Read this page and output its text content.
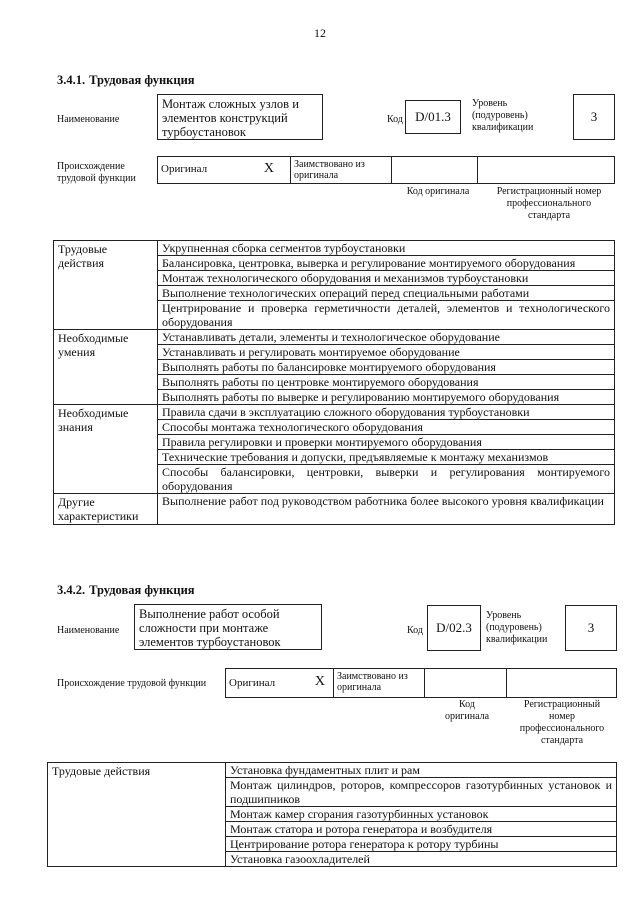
12
3.4.1. Трудовая функция
Наименование
Монтаж сложных узлов и элементов конструкций турбоустановок
Код D/01.3
Уровень (подуровень) квалификации
3
Происхождение трудовой функции
Оригинал	X	Заимствовано из оригинала
Код оригинала	Регистрационный номер профессионального стандарта
Трудовые действия	Укрупненная сборка сегментов турбоустановки
	Балансировка, центровка, выверка и регулирование монтируемого оборудования
	Монтаж технологического оборудования и механизмов турбоустановки
	Выполнение технологических операций перед специальными работами
	Центрирование и проверка герметичности деталей, элементов и технологического оборудования
Необходимые умения	Устанавливать детали, элементы и технологическое оборудование
	Устанавливать и регулировать монтируемое оборудование
	Выполнять работы по балансировке монтируемого оборудования
	Выполнять работы по центровке монтируемого оборудования
	Выполнять работы по выверке и регулированию монтируемого оборудования
Необходимые знания	Правила сдачи в эксплуатацию сложного оборудования турбоустановки
	Способы монтажа технологического оборудования
	Правила регулировки и проверки монтируемого оборудования
	Технические требования и допуски, предъявляемые к монтажу механизмов
	Способы балансировки, центровки, выверки и регулирования монтируемого оборудования
Другие характеристики	Выполнение работ под руководством работника более высокого уровня квалификации
3.4.2. Трудовая функция
Наименование
Выполнение работ особой сложности при монтаже элементов турбоустановок
Код	D/02.3
Уровень (подуровень) квалификации
3
Происхождение трудовой функции	Оригинал	X	Заимствовано из оригинала
Код оригинала
Регистрационный номер профессионального стандарта
Трудовые действия	Установка фундаментных плит и рам
Монтаж цилиндров, роторов, компрессоров газотурбинных установок и подшипников
Монтаж камер сгорания газотурбинных установок
Монтаж статора и ротора генератора и возбудителя
Центрирование ротора генератора к ротору турбины
Установка газоохладителей
